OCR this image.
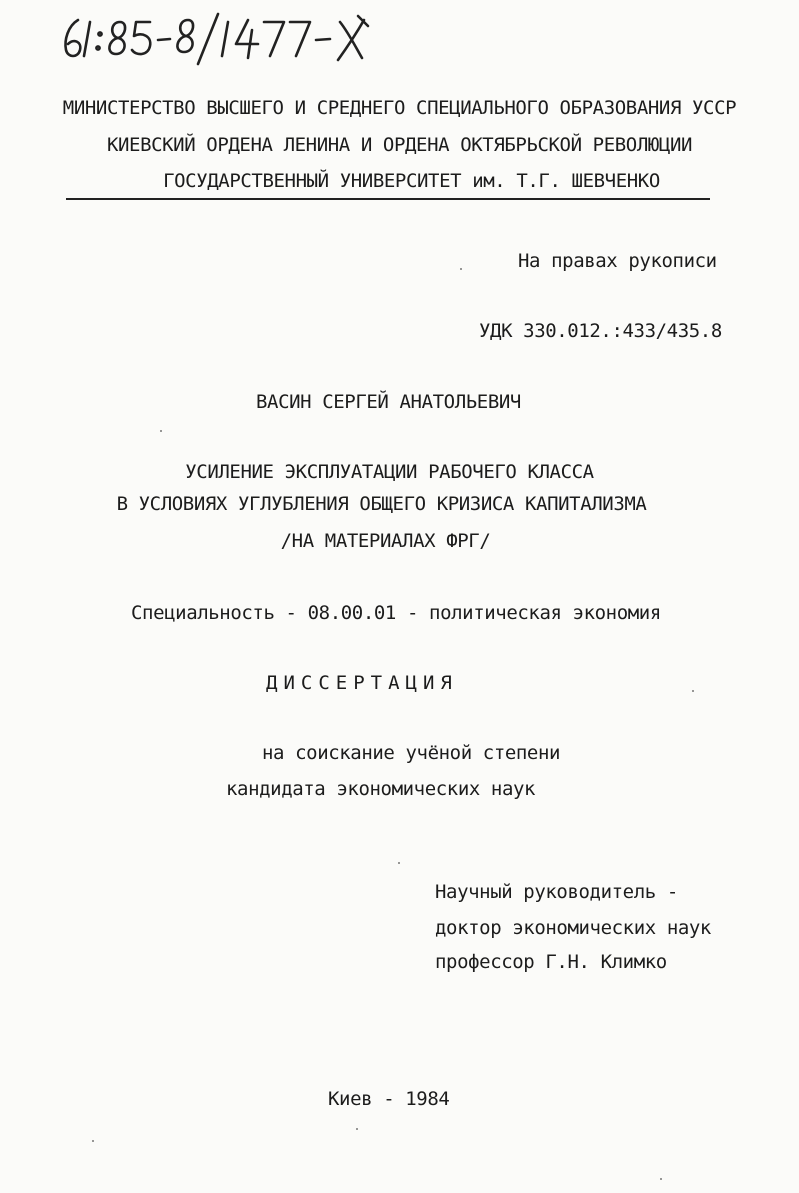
МИНИСТЕРСТВО ВЫСШЕГО И СРЕДНЕГО СПЕЦИАЛЬНОГО ОБРАЗОВАНИЯ УССР
КИЕВСКИЙ ОРДЕНА ЛЕНИНА И ОРДЕНА ОКТЯБРЬСКОЙ РЕВОЛЮЦИИ
ГОСУДАРСТВЕННЫЙ УНИВЕРСИТЕТ им. Т.Г. ШЕВЧЕНКО
На правах рукописи
УДК 330.012.:433/435.8
ВАСИН СЕРГЕЙ АНАТОЛЬЕВИЧ
УСИЛЕНИЕ ЭКСПЛУАТАЦИИ РАБОЧЕГО КЛАССА
В УСЛОВИЯХ УГЛУБЛЕНИЯ ОБЩЕГО КРИЗИСА КАПИТАЛИЗМА
/НА МАТЕРИАЛАХ ФРГ/
Специальность - 08.00.01 - политическая экономия
ДИССЕРТАЦИЯ
на соискание учёной степени
кандидата экономических наук
Научный руководитель -
доктор экономических наук
профессор Г.Н. Климко
Киев - 1984
